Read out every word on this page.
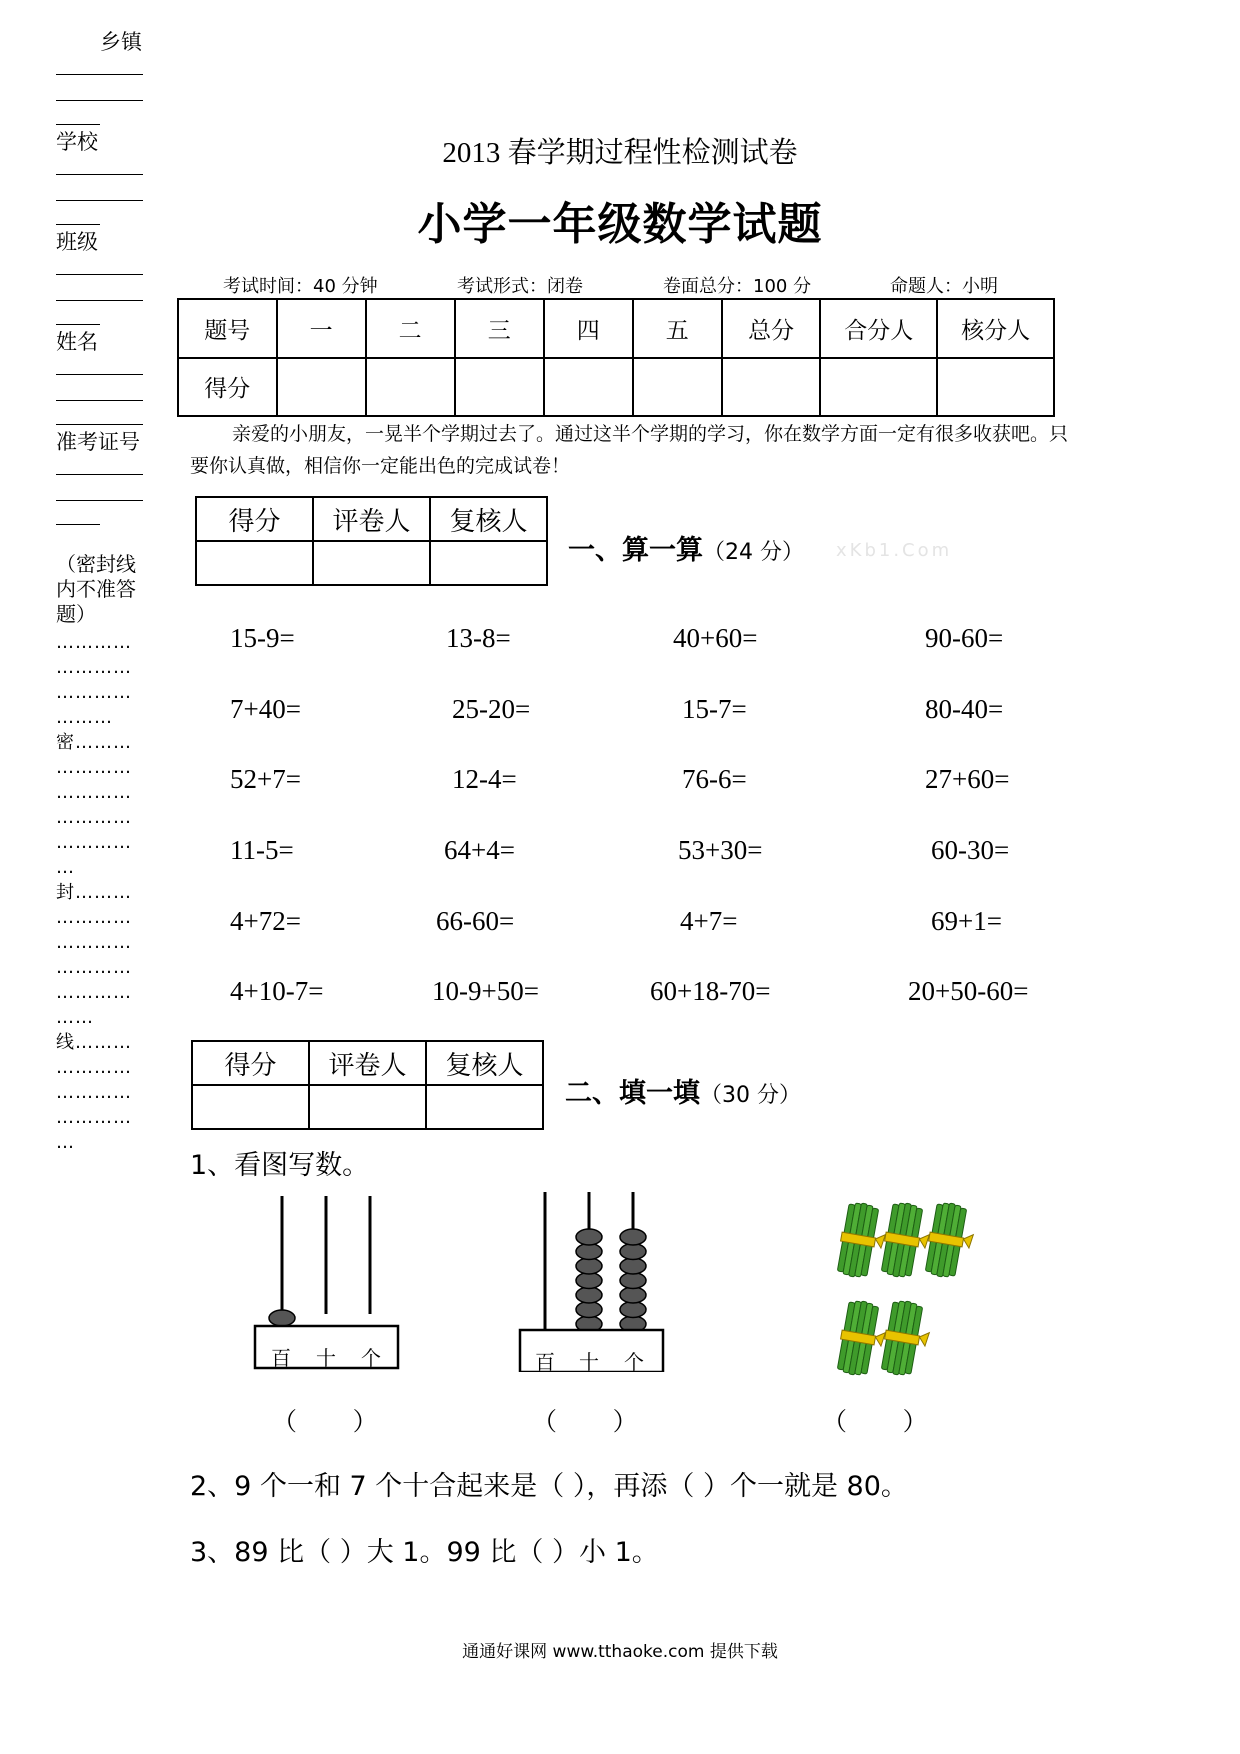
乡镇
学校
班级
姓名
准考证号
（密封线内不准答题）
…………
…………
…………
………
密………
…………
…………
…………
…………
…
封………
…………
…………
…………
…………
……
线………
…………
…………
…………
…
2013 春学期过程性检测试卷
小学一年级数学试题
考试时间：40 分钟	考试形式：闭卷	卷面总分：100 分	命题人：小明
题号	一	二	三	四	五	总分	合分人	核分人
得分								
亲爱的小朋友，一晃半个学期过去了。通过这半个学期的学习，你在数学方面一定有很多收获吧。只要你认真做，相信你一定能出色的完成试卷！
得分	评卷人	复核人

一、算一算（24 分） xKb1.Com
15-9=	13-8=	40+60=	90-60=
7+40=	25-20=	15-7=	80-40=
52+7=	12-4=	76-6=	27+60=
11-5=	64+4=	53+30=	60-30=
4+72=	66-60=	4+7=	69+1=
4+10-7=	10-9+50=	60+18-70=	20+50-60=
得分	评卷人	复核人

二、填一填（30 分）
1、看图写数。
百 十 个	百 十 个
（       ）	（       ）	（       ）
2、9 个一和 7 个十合起来是（ ），再添（ ）个一就是 80。
3、89 比（ ）大 1。99 比（ ）小 1。
通通好课网 www.tthaoke.com 提供下载
